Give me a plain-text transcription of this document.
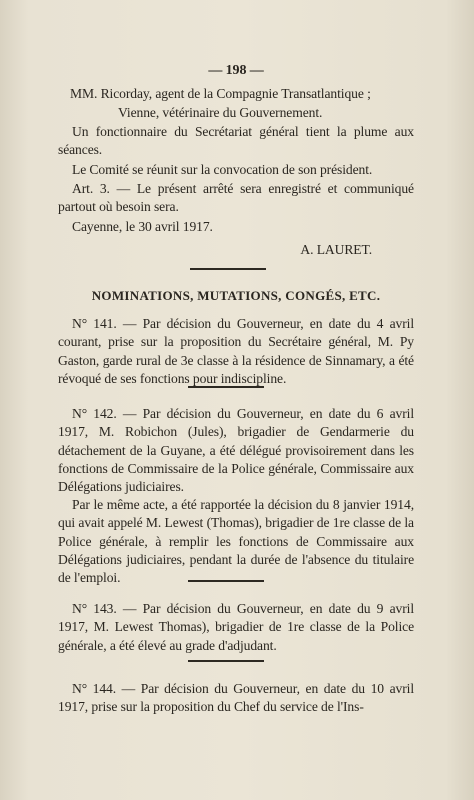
— 198 —
MM. Ricorday, agent de la Compagnie Transatlantique ;
Vienne, vétérinaire du Gouvernement.
Un fonctionnaire du Secrétariat général tient la plume aux séances.
Le Comité se réunit sur la convocation de son président.
Art. 3. — Le présent arrêté sera enregistré et communiqué partout où besoin sera.
Cayenne, le 30 avril 1917.
A. LAURET.
NOMINATIONS, MUTATIONS, CONGÉS, ETC.
N° 141. — Par décision du Gouverneur, en date du 4 avril courant, prise sur la proposition du Secrétaire général, M. Py Gaston, garde rural de 3e classe à la résidence de Sinnamary, a été révoqué de ses fonctions pour indiscipline.
N° 142. — Par décision du Gouverneur, en date du 6 avril 1917, M. Robichon (Jules), brigadier de Gendarmerie du détachement de la Guyane, a été délégué provisoirement dans les fonctions de Commissaire de la Police générale, Commissaire aux Délégations judiciaires.
Par le même acte, a été rapportée la décision du 8 janvier 1914, qui avait appelé M. Lewest (Thomas), brigadier de 1re classe de la Police générale, à remplir les fonctions de Commissaire aux Délégations judiciaires, pendant la durée de l'absence du titulaire de l'emploi.
N° 143. — Par décision du Gouverneur, en date du 9 avril 1917, M. Lewest Thomas), brigadier de 1re classe de la Police générale, a été élevé au grade d'adjudant.
N° 144. — Par décision du Gouverneur, en date du 10 avril 1917, prise sur la proposition du Chef du service de l'Ins-
